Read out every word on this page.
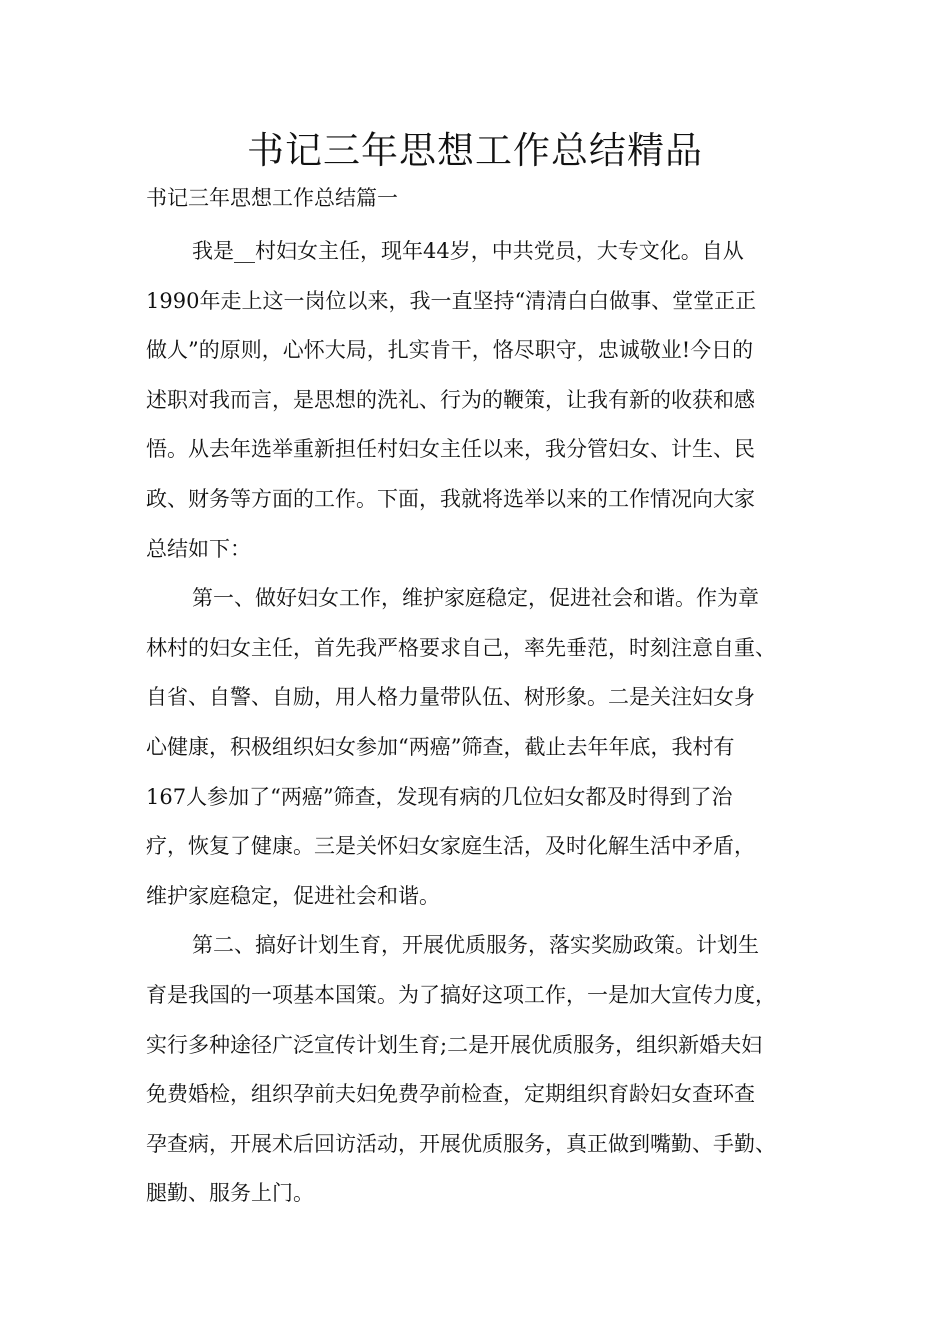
书记三年思想工作总结精品

书记三年思想工作总结篇一

我是__村妇女主任，现年44岁，中共党员，大专文化。自从
1990年走上这一岗位以来，我一直坚持“清清白白做事、堂堂正正
做人”的原则，心怀大局，扎实肯干，恪尽职守，忠诚敬业!今日的
述职对我而言，是思想的洗礼、行为的鞭策，让我有新的收获和感
悟。从去年选举重新担任村妇女主任以来，我分管妇女、计生、民
政、财务等方面的工作。下面，我就将选举以来的工作情况向大家
总结如下：
第一、做好妇女工作，维护家庭稳定，促进社会和谐。作为章
林村的妇女主任，首先我严格要求自己，率先垂范，时刻注意自重、
自省、自警、自励，用人格力量带队伍、树形象。二是关注妇女身
心健康，积极组织妇女参加“两癌”筛查，截止去年年底，我村有
167人参加了“两癌”筛查，发现有病的几位妇女都及时得到了治
疗，恢复了健康。三是关怀妇女家庭生活，及时化解生活中矛盾，
维护家庭稳定，促进社会和谐。
第二、搞好计划生育，开展优质服务，落实奖励政策。计划生
育是我国的一项基本国策。为了搞好这项工作，一是加大宣传力度，
实行多种途径广泛宣传计划生育;二是开展优质服务，组织新婚夫妇
免费婚检，组织孕前夫妇免费孕前检查，定期组织育龄妇女查环查
孕查病，开展术后回访活动，开展优质服务，真正做到嘴勤、手勤、
腿勤、服务上门。
